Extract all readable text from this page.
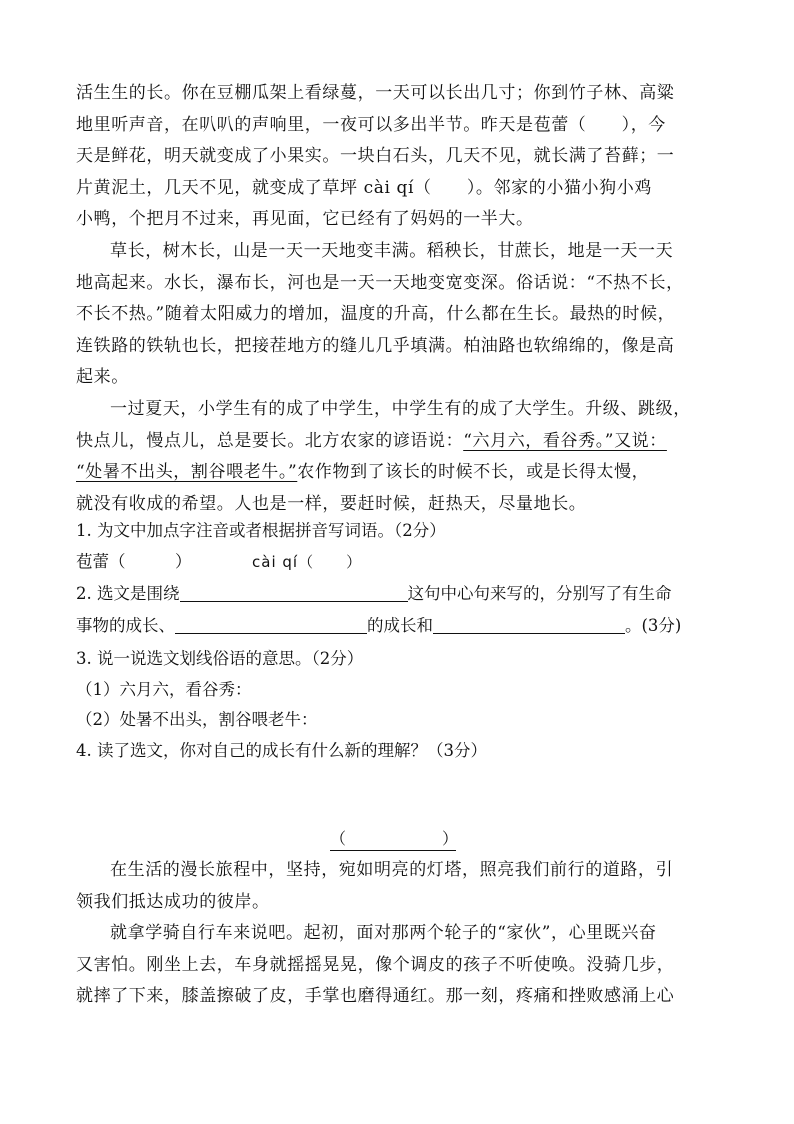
活生生的长。你在豆棚瓜架上看绿蔓，一天可以长出几寸；你到竹子林、高粱
地里听声音，在叭叭的声响里，一夜可以多出半节。昨天是苞蕾（　　），今
天是鲜花，明天就变成了小果实。一块白石头，几天不见，就长满了苔藓；一
片黄泥土，几天不见，就变成了草坪 cài qí（　　）。邻家的小猫小狗小鸡
小鸭，个把月不过来，再见面，它已经有了妈妈的一半大。
草长，树木长，山是一天一天地变丰满。稻秧长，甘蔗长，地是一天一天
地高起来。水长，瀑布长，河也是一天一天地变宽变深。俗话说：“不热不长，
不长不热。”随着太阳威力的增加，温度的升高，什么都在生长。最热的时候，
连铁路的铁轨也长，把接茬地方的缝儿几乎填满。柏油路也软绵绵的，像是高
起来。
一过夏天，小学生有的成了中学生，中学生有的成了大学生。升级、跳级，
快点儿，慢点儿，总是要长。北方农家的谚语说：“六月六，看谷秀。”又说：
“处暑不出头，割谷喂老牛。”农作物到了该长的时候不长，或是长得太慢，
就没有收成的希望。人也是一样，要赶时候，赶热天，尽量地长。
1. 为文中加点字注音或者根据拼音写词语。（2分）
苞蕾（　　　）	cài qí（　　）
2. 选文是围绕	这句中心句来写的，分别写了有生命
事物的成长、	的成长和	。(3分)
3. 说一说选文划线俗语的意思。（2分）
（1）六月六，看谷秀：
（2）处暑不出头，割谷喂老牛：
4. 读了选文，你对自己的成长有什么新的理解？（3分）
（　　　　　　）
在生活的漫长旅程中，坚持，宛如明亮的灯塔，照亮我们前行的道路，引
领我们抵达成功的彼岸。
就拿学骑自行车来说吧。起初，面对那两个轮子的“家伙”，心里既兴奋
又害怕。刚坐上去，车身就摇摇晃晃，像个调皮的孩子不听使唤。没骑几步，
就摔了下来，膝盖擦破了皮，手掌也磨得通红。那一刻，疼痛和挫败感涌上心
